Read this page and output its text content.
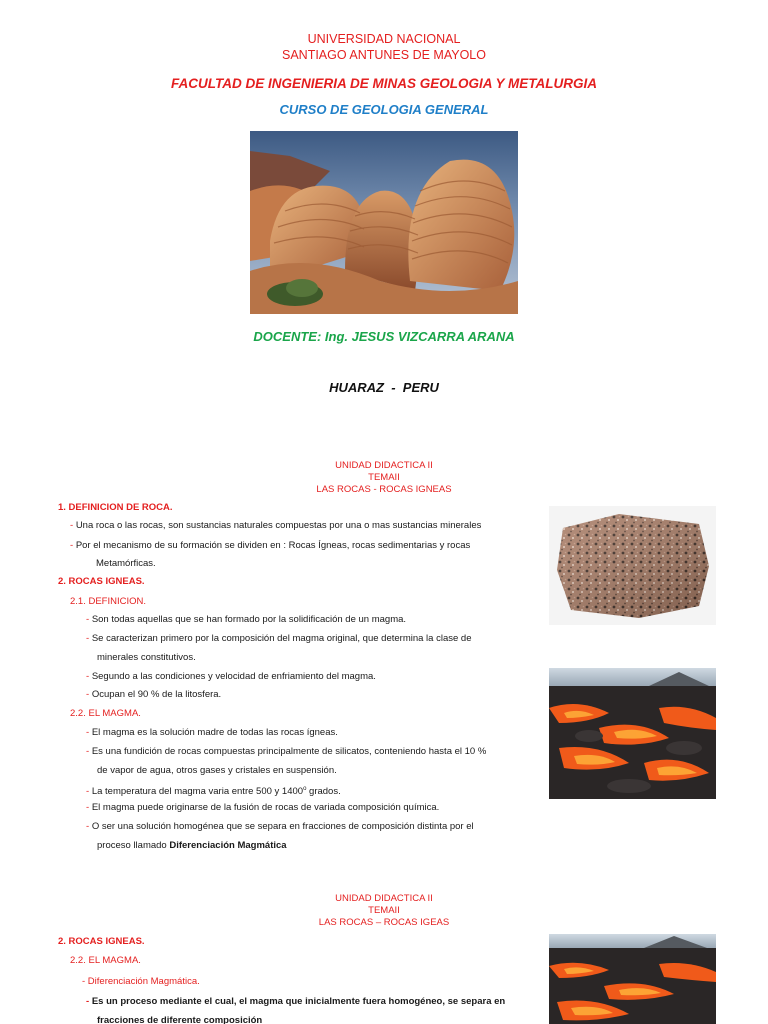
UNIVERSIDAD NACIONAL
SANTIAGO ANTUNES DE MAYOLO
FACULTAD DE INGENIERIA DE MINAS GEOLOGIA Y METALURGIA
CURSO DE GEOLOGIA GENERAL
DOCENTE: Ing. JESUS VIZCARRA ARANA
HUARAZ  -  PERU
UNIDAD DIDACTICA II
TEMAII
LAS ROCAS - ROCAS IGNEAS
1. DEFINICION DE ROCA.
- Una roca o las rocas, son sustancias naturales compuestas por una o mas sustancias minerales
- Por el mecanismo de su formación se dividen en : Rocas Ígneas, rocas sedimentarias y rocas
Metamórficas.
2. ROCAS IGNEAS.
2.1. DEFINICION.
- Son todas aquellas que se han formado por la solidificación de un magma.
- Se caracterizan primero por la composición del magma original, que determina la clase de
minerales constitutivos.
- Segundo a las condiciones y velocidad de enfriamiento del magma.
- Ocupan el 90 % de la litosfera.
2.2. EL MAGMA.
- El magma es la solución madre de todas las rocas ígneas.
- Es una fundición de rocas compuestas principalmente de silicatos, conteniendo hasta el 10 %
de vapor de agua, otros gases y cristales en suspensión.
- La temperatura del magma varia entre 500 y 1400$^o$ grados.
- El magma puede originarse de la fusión de rocas de variada composición química.
- O ser una solución homogénea que se separa en fracciones de composición distinta por el
proceso llamado Diferenciación Magmática
UNIDAD DIDACTICA II
TEMAII
LAS ROCAS – ROCAS IGEAS
2. ROCAS IGNEAS.
2.2. EL MAGMA.
- Diferenciación Magmática.
- Es un proceso mediante el cual, el magma que inicialmente fuera homogéneo, se separa en
fracciones de diferente composición
